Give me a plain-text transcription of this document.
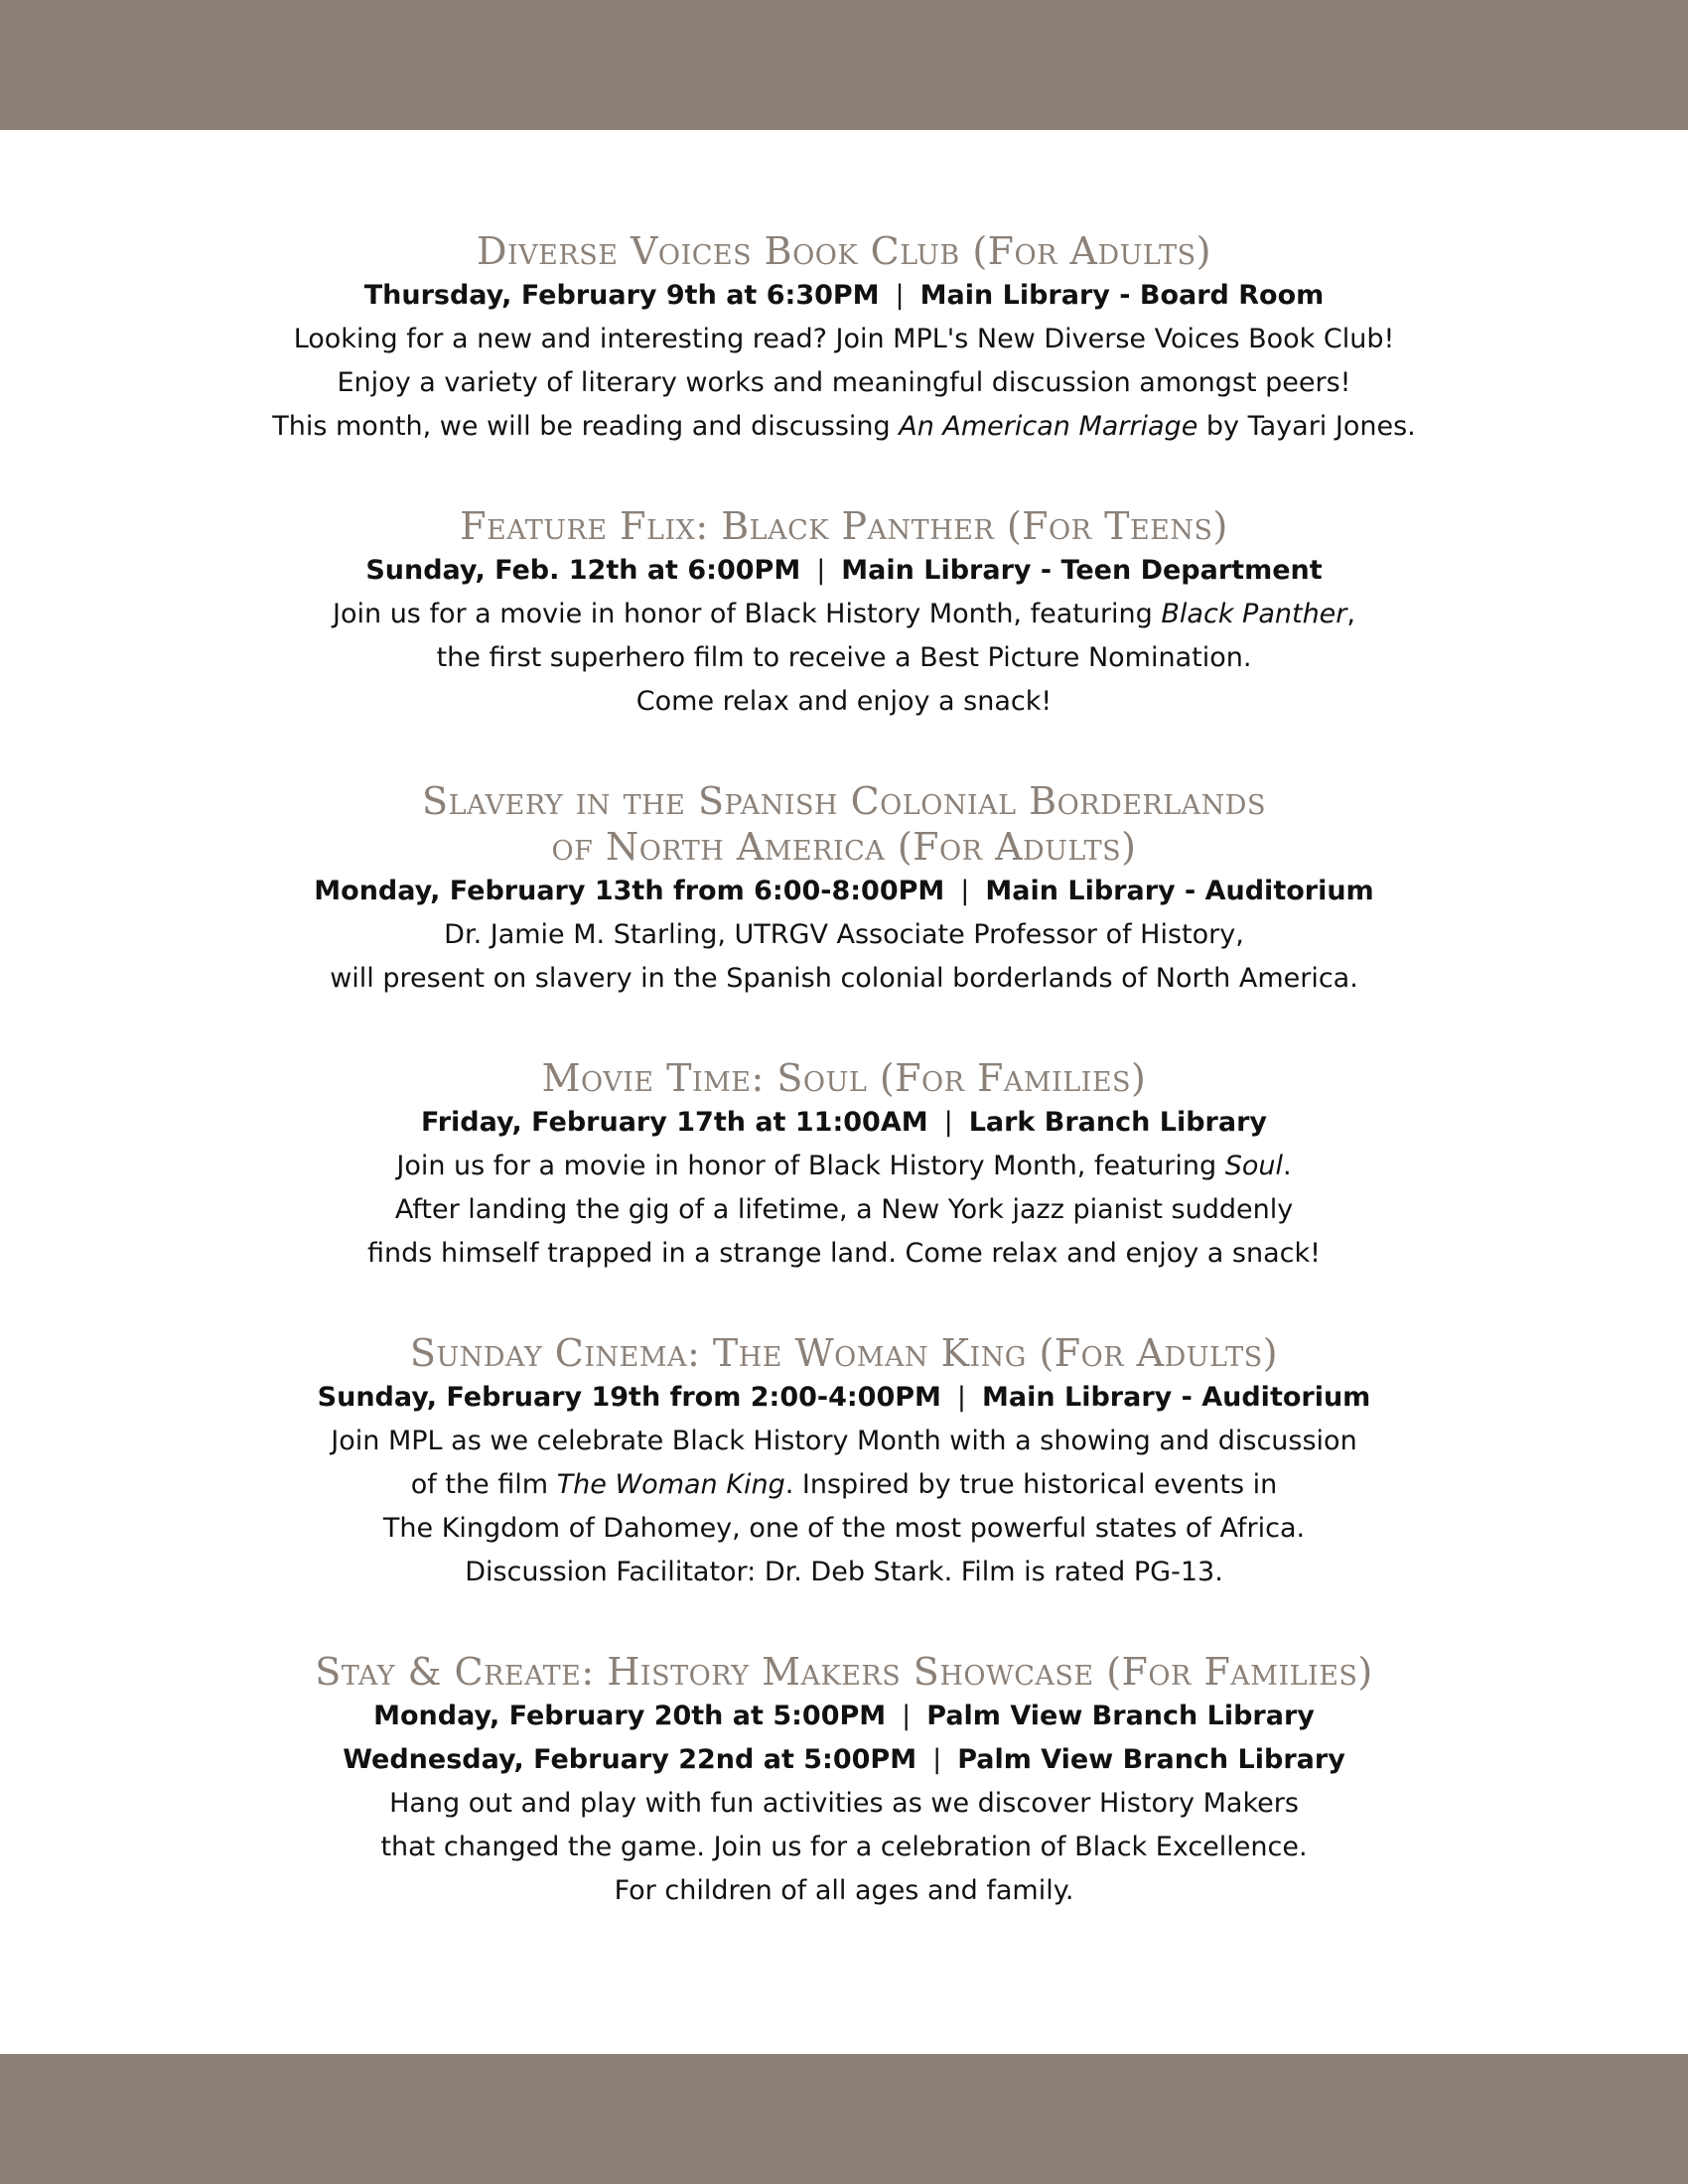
Diverse Voices Book Club (For Adults)
Thursday, February 9th at 6:30PM | Main Library - Board Room
Looking for a new and interesting read? Join MPL's New Diverse Voices Book Club!
Enjoy a variety of literary works and meaningful discussion amongst peers!
This month, we will be reading and discussing An American Marriage by Tayari Jones.
Feature Flix: Black Panther (For Teens)
Sunday, Feb. 12th at 6:00PM | Main Library - Teen Department
Join us for a movie in honor of Black History Month, featuring Black Panther,
the first superhero film to receive a Best Picture Nomination.
Come relax and enjoy a snack!
Slavery in the Spanish Colonial Borderlands
of North America (For Adults)
Monday, February 13th from 6:00-8:00PM | Main Library - Auditorium
Dr. Jamie M. Starling, UTRGV Associate Professor of History,
will present on slavery in the Spanish colonial borderlands of North America.
Movie Time: Soul (For Families)
Friday, February 17th at 11:00AM | Lark Branch Library
Join us for a movie in honor of Black History Month, featuring Soul.
After landing the gig of a lifetime, a New York jazz pianist suddenly
finds himself trapped in a strange land. Come relax and enjoy a snack!
Sunday Cinema: The Woman King (For Adults)
Sunday, February 19th from 2:00-4:00PM | Main Library - Auditorium
Join MPL as we celebrate Black History Month with a showing and discussion
of the film The Woman King. Inspired by true historical events in
The Kingdom of Dahomey, one of the most powerful states of Africa.
Discussion Facilitator: Dr. Deb Stark. Film is rated PG-13.
Stay & Create: History Makers Showcase (For Families)
Monday, February 20th at 5:00PM | Palm View Branch Library
Wednesday, February 22nd at 5:00PM | Palm View Branch Library
Hang out and play with fun activities as we discover History Makers
that changed the game. Join us for a celebration of Black Excellence.
For children of all ages and family.
